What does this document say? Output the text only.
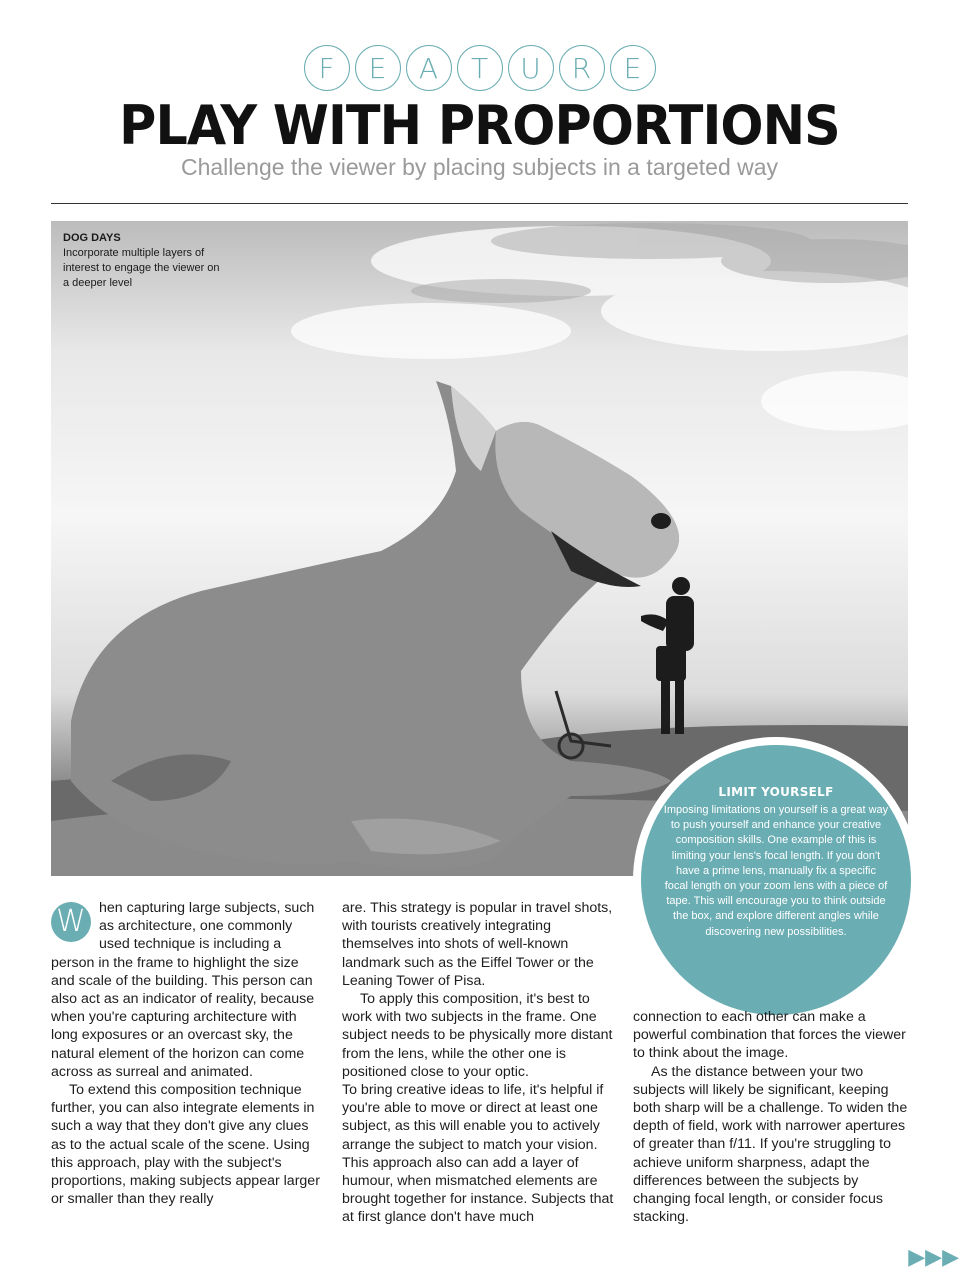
F	E	A	T	U	R	E
PLAY WITH PROPORTIONS
Challenge the viewer by placing subjects in a targeted way
DOG DAYS
Incorporate multiple layers of interest to engage the viewer on a deeper level
LIMIT YOURSELF

Imposing limitations on yourself is a great way to push yourself and enhance your creative composition skills. One example of this is limiting your lens's focal length. If you don't have a prime lens, manually fix a specific focal length on your zoom lens with a piece of tape. This will encourage you to think outside the box, and explore different angles while discovering new possibilities.

W hen capturing large subjects, such as architecture, one commonly used technique is including a person in the frame to highlight the size and scale of the building. This person can also act as an indicator of reality, because when you're capturing architecture with long exposures or an overcast sky, the natural element of the horizon can come across as surreal and animated.

To extend this composition technique further, you can also integrate elements in such a way that they don't give any clues as to the actual scale of the scene. Using this approach, play with the subject's proportions, making subjects appear larger or smaller than they really

are. This strategy is popular in travel shots, with tourists creatively integrating themselves into shots of well-known landmark such as the Eiffel Tower or the Leaning Tower of Pisa.

To apply this composition, it's best to work with two subjects in the frame. One subject needs to be physically more distant from the lens, while the other one is positioned close to your optic.

To bring creative ideas to life, it's helpful if you're able to move or direct at least one subject, as this will enable you to actively arrange the subject to match your vision. This approach also can add a layer of humour, when mismatched elements are brought together for instance. Subjects that at first glance don't have much

connection to each other can make a powerful combination that forces the viewer to think about the image.

As the distance between your two subjects will likely be significant, keeping both sharp will be a challenge. To widen the depth of field, work with narrower apertures of greater than f/11. If you're struggling to achieve uniform sharpness, adapt the differences between the subjects by changing focal length, or consider focus stacking.

▶▶▶
